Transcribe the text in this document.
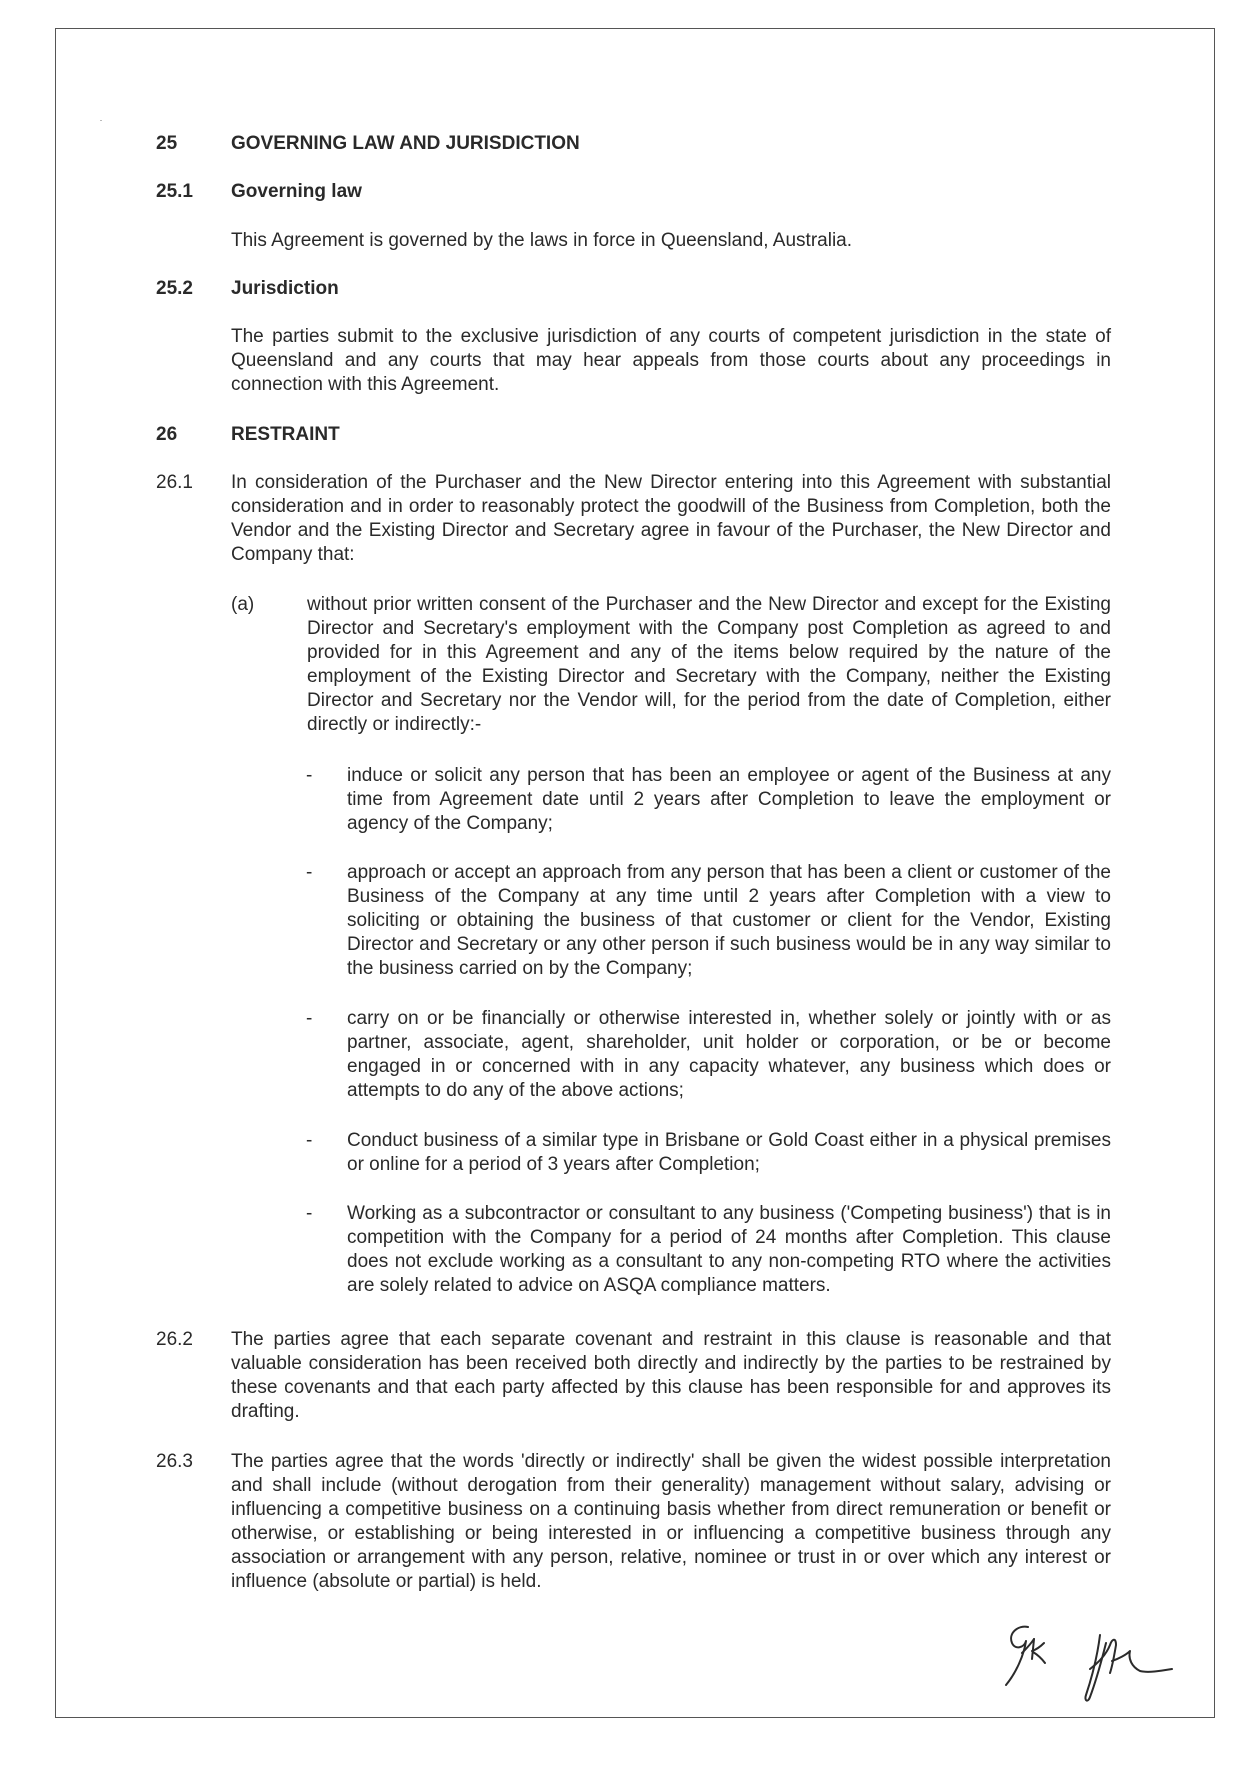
25	GOVERNING LAW AND JURISDICTION
25.1 Governing law

This Agreement is governed by the laws in force in Queensland, Australia.

25.2 Jurisdiction

The parties submit to the exclusive jurisdiction of any courts of competent jurisdiction in the state of Queensland and any courts that may hear appeals from those courts about any proceedings in connection with this Agreement.

26	RESTRAINT
26.1 In consideration of the Purchaser and the New Director entering into this Agreement with substantial consideration and in order to reasonably protect the goodwill of the Business from Completion, both the Vendor and the Existing Director and Secretary agree in favour of the Purchaser, the New Director and Company that:

(a)	without prior written consent of the Purchaser and the New Director and except for the Existing Director and Secretary's employment with the Company post Completion as agreed to and provided for in this Agreement and any of the items below required by the nature of the employment of the Existing Director and Secretary with the Company, neither the Existing Director and Secretary nor the Vendor will, for the period from the date of Completion, either directly or indirectly:-

- induce or solicit any person that has been an employee or agent of the Business at any time from Agreement date until 2 years after Completion to leave the employment or agency of the Company;

- approach or accept an approach from any person that has been a client or customer of the Business of the Company at any time until 2 years after Completion with a view to soliciting or obtaining the business of that customer or client for the Vendor, Existing Director and Secretary or any other person if such business would be in any way similar to the business carried on by the Company;

- carry on or be financially or otherwise interested in, whether solely or jointly with or as partner, associate, agent, shareholder, unit holder or corporation, or be or become engaged in or concerned with in any capacity whatever, any business which does or attempts to do any of the above actions;

- Conduct business of a similar type in Brisbane or Gold Coast either in a physical premises or online for a period of 3 years after Completion;

- Working as a subcontractor or consultant to any business ('Competing business') that is in competition with the Company for a period of 24 months after Completion. This clause does not exclude working as a consultant to any non-competing RTO where the activities are solely related to advice on ASQA compliance matters.

26.2 The parties agree that each separate covenant and restraint in this clause is reasonable and that valuable consideration has been received both directly and indirectly by the parties to be restrained by these covenants and that each party affected by this clause has been responsible for and approves its drafting.

26.3 The parties agree that the words 'directly or indirectly' shall be given the widest possible interpretation and shall include (without derogation from their generality) management without salary, advising or influencing a competitive business on a continuing basis whether from direct remuneration or benefit or otherwise, or establishing or being interested in or influencing a competitive business through any association or arrangement with any person, relative, nominee or trust in or over which any interest or influence (absolute or partial) is held.
